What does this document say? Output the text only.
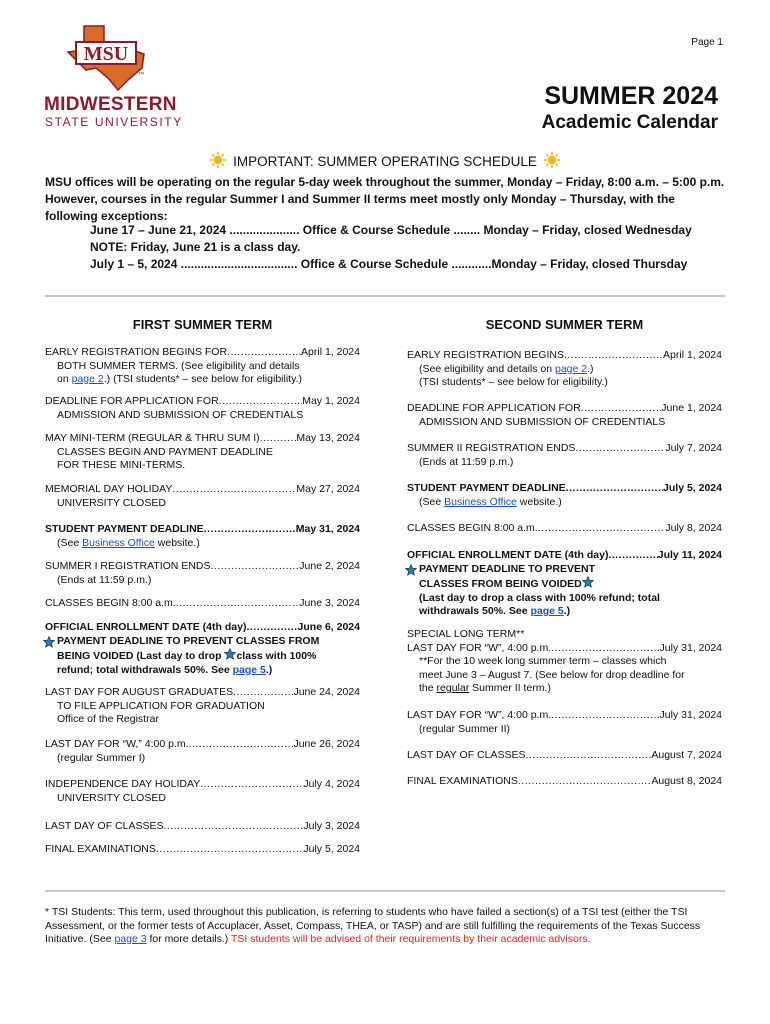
Page 1
MSU
™
MIDWESTERN
STATE UNIVERSITY
SUMMER 2024
Academic Calendar
IMPORTANT: SUMMER OPERATING SCHEDULE
MSU offices will be operating on the regular 5-day week throughout the summer, Monday – Friday, 8:00 a.m. – 5:00 p.m. However, courses in the regular Summer I and Summer II terms meet mostly only Monday – Thursday, with the following exceptions:
June 17 – June 21, 2024 ..................... Office & Course Schedule ........ Monday – Friday, closed Wednesday
NOTE: Friday, June 21 is a class day.
July 1 – 5, 2024 ................................... Office & Course Schedule ............Monday – Friday, closed Thursday
FIRST SUMMER TERM
EARLY REGISTRATION BEGINS FOR .....	April 1, 2024
BOTH SUMMER TERMS. (See eligibility and details
on page 2.) (TSI students* – see below for eligibility.)
DEADLINE FOR APPLICATION FOR .....	May 1, 2024
ADMISSION AND SUBMISSION OF CREDENTIALS
MAY MINI-TERM (REGULAR & THRU SUM I) .....	May 13, 2024
CLASSES BEGIN AND PAYMENT DEADLINE
FOR THESE MINI-TERMS.
MEMORIAL DAY HOLIDAY .....	May 27, 2024
UNIVERSITY CLOSED
STUDENT PAYMENT DEADLINE .....	May 31, 2024
(See Business Office website.)
SUMMER I REGISTRATION ENDS .....	June 2, 2024
(Ends at 11:59 p.m.)
CLASSES BEGIN 8:00 a.m. .....	June 3, 2024
OFFICIAL ENROLLMENT DATE (4th day) .....	June 6, 2024
PAYMENT DEADLINE TO PREVENT CLASSES FROM
BEING VOIDED (Last day to drop class with 100%
refund; total withdrawals 50%. See page 5.)
LAST DAY FOR AUGUST GRADUATES .....	June 24, 2024
TO FILE APPLICATION FOR GRADUATION
Office of the Registrar
LAST DAY FOR “W,” 4:00 p.m. .....	June 26, 2024
(regular Summer I)
INDEPENDENCE DAY HOLIDAY .....	July 4, 2024
UNIVERSITY CLOSED
LAST DAY OF CLASSES .....	July 3, 2024
FINAL EXAMINATIONS .....	July 5, 2024
SECOND SUMMER TERM
EARLY REGISTRATION BEGINS .....	April 1, 2024
(See eligibility and details on page 2.)
(TSI students* – see below for eligibility.)
DEADLINE FOR APPLICATION FOR .....	June 1, 2024
ADMISSION AND SUBMISSION OF CREDENTIALS
SUMMER II REGISTRATION ENDS .....	July 7, 2024
(Ends at 11:59 p.m.)
STUDENT PAYMENT DEADLINE .....	July 5, 2024
(See Business Office website.)
CLASSES BEGIN 8:00 a.m. .....	July 8, 2024
OFFICIAL ENROLLMENT DATE (4th day) .....	July 11, 2024
PAYMENT DEADLINE TO PREVENT
CLASSES FROM BEING VOIDED
(Last day to drop a class with 100% refund; total
withdrawals 50%. See page 5.)
SPECIAL LONG TERM**
LAST DAY FOR “W”, 4:00 p.m. .....	July 31, 2024
**For the 10 week long summer term – classes which
meet June 3 – August 7. (See below for drop deadline for
the regular Summer II term.)
LAST DAY FOR “W”, 4:00 p.m. .....	July 31, 2024
(regular Summer II)
LAST DAY OF CLASSES .....	August 7, 2024
FINAL EXAMINATIONS .....	August 8, 2024
* TSI Students: This term, used throughout this publication, is referring to students who have failed a section(s) of a TSI test (either the TSI Assessment, or the former tests of Accuplacer, Asset, Compass, THEA, or TASP) and are still fulfilling the requirements of the Texas Success Initiative. (See page 3 for more details.) TSI students will be advised of their requirements by their academic advisors.
